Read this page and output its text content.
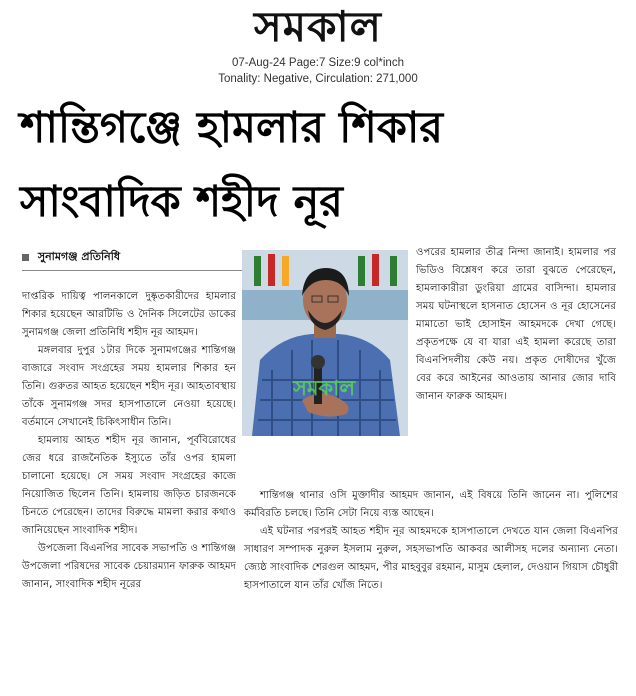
সমকাল
07-Aug-24 Page:7 Size:9 col*inch
Tonality: Negative, Circulation: 271,000
শান্তিগঞ্জে হামলার শিকার
সাংবাদিক শহীদ নূর
সুনামগঞ্জ প্রতিনিধি
সমকাল

ওপরের হামলার তীব্র নিন্দা জানাই। হামলার পর ভিডিও বিশ্লেষণ করে তারা বুঝতে পেরেছেন, হামলাকারীরা ডুংরিয়া গ্রামের বাসিন্দা। হামলার সময় ঘটনাস্থলে হাসনাত হোসেন ও নূর হোসেনের মামাতো ভাই হোসাইন আহমদকে দেখা গেছে। প্রকৃতপক্ষে যে বা যারা এই হামলা করেছে তারা বিএনপিদলীয় কেউ নয়। প্রকৃত দোষীদের খুঁজে বের করে আইনের আওতায় আনার জোর দাবি জানান ফারুক আহমদ।

দাপ্তরিক দায়িত্ব পালনকালে দুষ্কৃতকারীদের হামলার শিকার হয়েছেন আরটিভি ও দৈনিক সিলেটের ডাকের সুনামগঞ্জ জেলা প্রতিনিধি শহীদ নূর আহমদ।

মঙ্গলবার দুপুর ১টার দিকে সুনামগঞ্জের শান্তিগঞ্জ বাজারে সংবাদ সংগ্রহের সময় হামলার শিকার হন তিনি। গুরুতর আহত হয়েছেন শহীদ নূর। আহতাবস্থায় তাঁকে সুনামগঞ্জ সদর হাসপাতালে নেওয়া হয়েছে। বর্তমানে সেখানেই চিকিৎসাধীন তিনি।

হামলায় আহত শহীদ নূর জানান, পূর্ববিরোধের জের ধরে রাজনৈতিক ইস্যুতে তাঁর ওপর হামলা চালানো হয়েছে। সে সময় সংবাদ সংগ্রহের কাজে নিয়োজিত ছিলেন তিনি। হামলায় জড়িত চারজনকে চিনতে পেরেছেন। তাদের বিরুদ্ধে মামলা করার কথাও জানিয়েছেন সাংবাদিক শহীদ।

উপজেলা বিএনপির সাবেক সভাপতি ও শান্তিগঞ্জ উপজেলা পরিষদের সাবেক চেয়ারম্যান ফারুক আহমদ জানান, সাংবাদিক শহীদ নূরের

শান্তিগঞ্জ থানার ওসি মুক্তাদীর আহমদ জানান, এই বিষয়ে তিনি জানেন না। পুলিশের কর্মবিরতি চলছে। তিনি সেটা নিয়ে ব্যস্ত আছেন।

এই ঘটনার পরপরই আহত শহীদ নূর আহমদকে হাসপাতালে দেখতে যান জেলা বিএনপির সাধারণ সম্পাদক নুরুল ইসলাম নুরুল, সহসভাপতি আকবর আলীসহ দলের অন্যান্য নেতা। জ্যেষ্ঠ সাংবাদিক শেরগুল আহমদ, পীর মাহবুবুর রহমান, মাসুম হেলাল, দেওয়ান গিয়াস চৌধুরী হাসপাতালে যান তাঁর খোঁজ নিতে।
